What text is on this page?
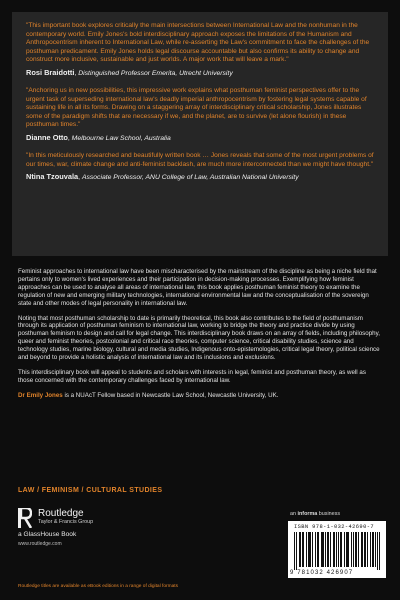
"This important book explores critically the main intersections between International Law and the nonhuman in the contemporary world. Emily Jones's bold interdisciplinary approach exposes the limitations of the Humanism and Anthropocentrism inherent to International Law, while re-asserting the Law's commitment to face the challenges of the posthuman predicament. Emily Jones holds legal discourse accountable but also confirms its ability to change and construct more inclusive, sustainable and just worlds. A major work that will leave a mark."
Rosi Braidotti, Distinguished Professor Emerita, Utrecht University
"Anchoring us in new possibilities, this impressive work explains what posthuman feminist perspectives offer to the urgent task of superseding international law's deadly imperial anthropocentrism by fostering legal systems capable of sustaining life in all its forms. Drawing on a staggering array of interdisciplinary critical scholarship, Jones illustrates some of the paradigm shifts that are necessary if we, and the planet, are to survive (let alone flourish) in these posthuman times."
Dianne Otto, Melbourne Law School, Australia
"In this meticulously researched and beautifully written book … Jones reveals that some of the most urgent problems of our times, war, climate change and anti-feminist backlash, are much more interconnected than we might have thought."
Ntina Tzouvala, Associate Professor, ANU College of Law, Australian National University

Feminist approaches to international law have been mischaracterised by the mainstream of the discipline as being a niche field that pertains only to women's lived experiences and their participation in decision-making processes. Exemplifying how feminist approaches can be used to analyse all areas of international law, this book applies posthuman feminist theory to examine the regulation of new and emerging military technologies, international environmental law and the conceptualisation of the sovereign state and other modes of legal personality in international law.

Noting that most posthuman scholarship to date is primarily theoretical, this book also contributes to the field of posthumanism through its application of posthuman feminism to international law, working to bridge the theory and practice divide by using posthuman feminism to design and call for legal change. This interdisciplinary book draws on an array of fields, including philosophy, queer and feminist theories, postcolonial and critical race theories, computer science, critical disability studies, science and technology studies, marine biology, cultural and media studies, Indigenous onto-epistemologies, critical legal theory, political science and beyond to provide a holistic analysis of international law and its inclusions and exclusions.

This interdisciplinary book will appeal to students and scholars with interests in legal, feminist and posthuman theory, as well as those concerned with the contemporary challenges faced by international law.

Dr Emily Jones is a NUAcT Fellow based in Newcastle Law School, Newcastle University, UK.

LAW / FEMINISM / CULTURAL STUDIES
Routledge
Taylor & Francis Group
a GlassHouse Book
www.routledge.com
an informa business
ISBN 978-1-032-42690-7
9 781032 426907
Routledge titles are available as eBook editions in a range of digital formats
